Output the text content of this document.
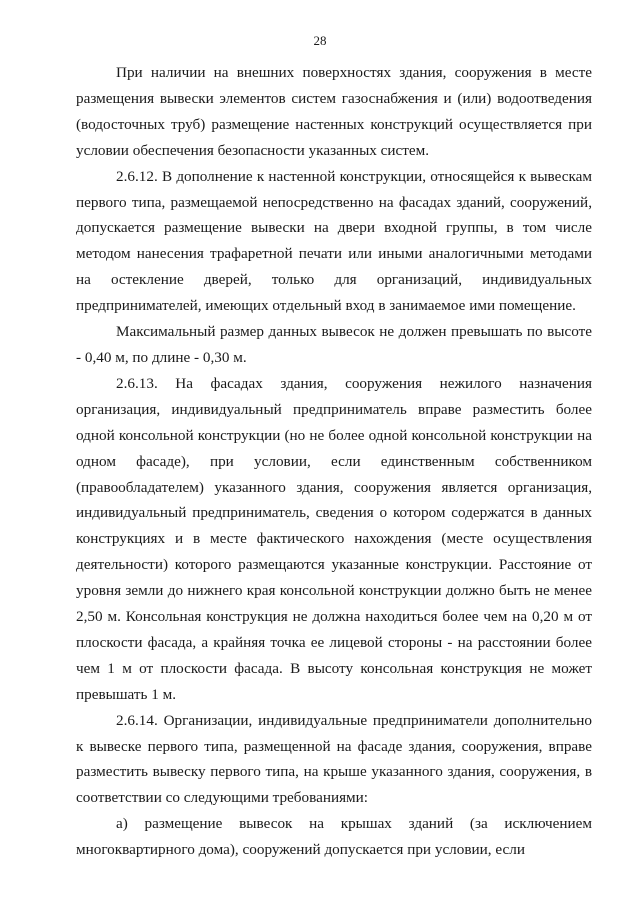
28

При наличии на внешних поверхностях здания, сооружения в месте размещения вывески элементов систем газоснабжения и (или) водоотведения (водосточных труб) размещение настенных конструкций осуществляется при условии обеспечения безопасности указанных систем.

2.6.12. В дополнение к настенной конструкции, относящейся к вывескам первого типа, размещаемой непосредственно на фасадах зданий, сооружений, допускается размещение вывески на двери входной группы, в том числе методом нанесения трафаретной печати или иными аналогичными методами на остекление дверей, только для организаций, индивидуальных предпринимателей, имеющих отдельный вход в занимаемое ими помещение.

Максимальный размер данных вывесок не должен превышать по высоте - 0,40 м, по длине - 0,30 м.

2.6.13. На фасадах здания, сооружения нежилого назначения организация, индивидуальный предприниматель вправе разместить более одной консольной конструкции (но не более одной консольной конструкции на одном фасаде), при условии, если единственным собственником (правообладателем) указанного здания, сооружения является организация, индивидуальный предприниматель, сведения о котором содержатся в данных конструкциях и в месте фактического нахождения (месте осуществления деятельности) которого размещаются указанные конструкции. Расстояние от уровня земли до нижнего края консольной конструкции должно быть не менее 2,50 м. Консольная конструкция не должна находиться более чем на 0,20 м от плоскости фасада, а крайняя точка ее лицевой стороны - на расстоянии более чем 1 м от плоскости фасада. В высоту консольная конструкция не может превышать 1 м.

2.6.14. Организации, индивидуальные предприниматели дополнительно к вывеске первого типа, размещенной на фасаде здания, сооружения, вправе разместить вывеску первого типа, на крыше указанного здания, сооружения, в соответствии со следующими требованиями:

а) размещение вывесок на крышах зданий (за исключением многоквартирного дома), сооружений допускается при условии, если
